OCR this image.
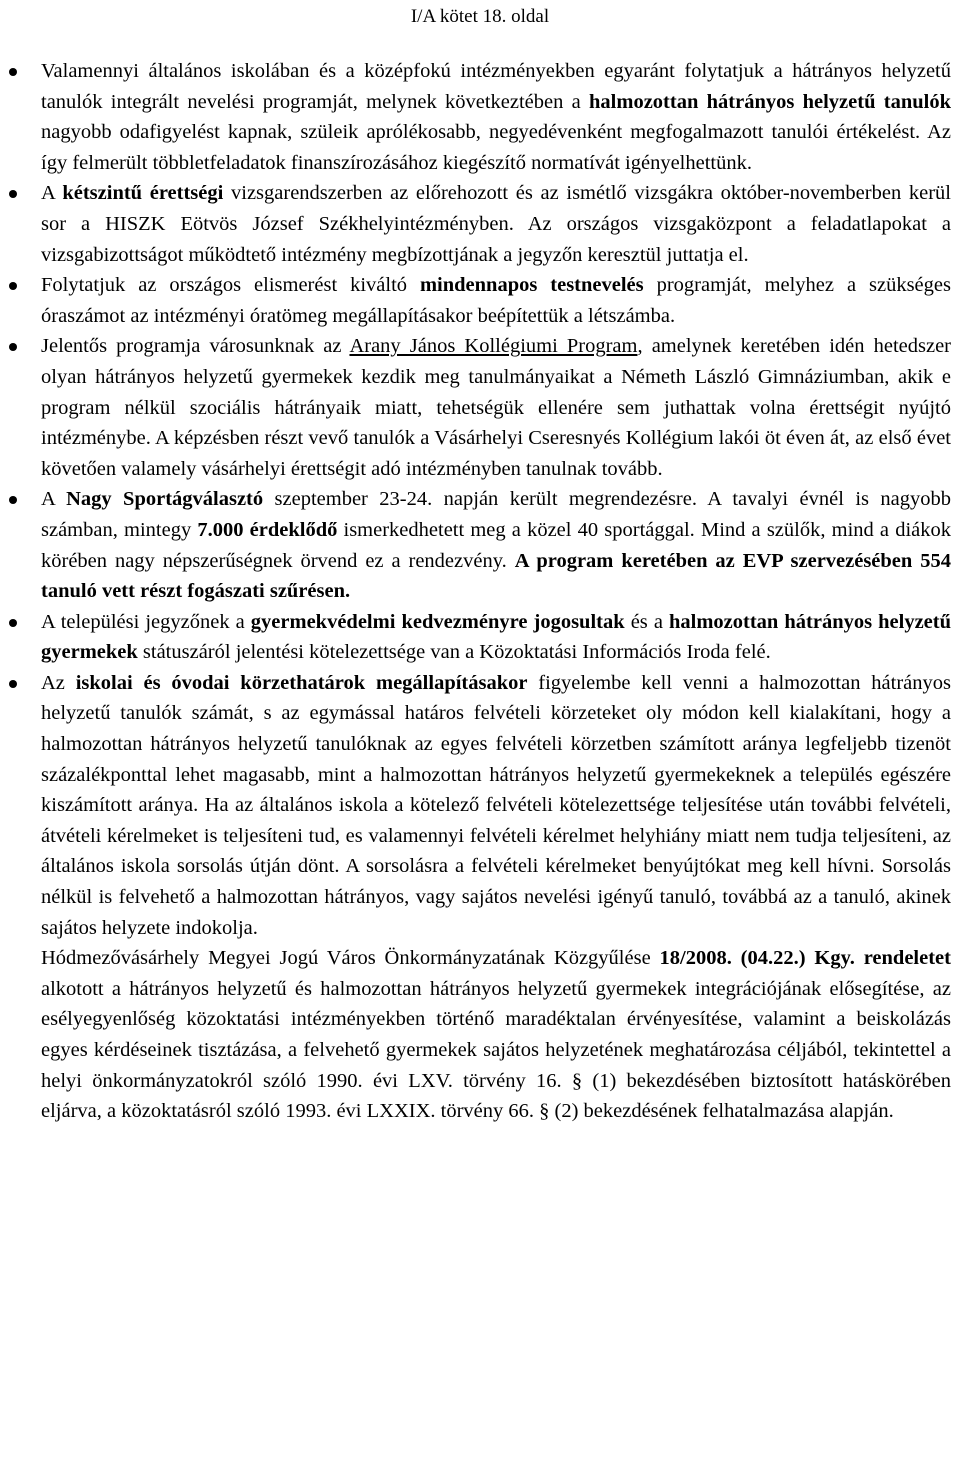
I/A kötet 18. oldal
Valamennyi általános iskolában és a középfokú intézményekben egyaránt folytatjuk a hátrányos helyzetű tanulók integrált nevelési programját, melynek következtében a halmozottan hátrányos helyzetű tanulók nagyobb odafigyelést kapnak, szüleik aprólékosabb, negyedévenként megfogalmazott tanulói értékelést. Az így felmerült többletfeladatok finanszírozásához kiegészítő normatívát igényelhettünk.
A kétszintű érettségi vizsgarendszerben az előrehozott és az ismétlő vizsgákra október-novemberben kerül sor a HISZK Eötvös József Székhelyintézményben. Az országos vizsgaközpont a feladatlapokat a vizsgabizottságot működtető intézmény megbízottjának a jegyzőn keresztül juttatja el.
Folytatjuk az országos elismerést kiváltó mindennapos testnevelés programját, melyhez a szükséges óraszámot az intézményi óratömeg megállapításakor beépítettük a létszámba.
Jelentős programja városunknak az Arany János Kollégiumi Program, amelynek keretében idén hetedszer olyan hátrányos helyzetű gyermekek kezdik meg tanulmányaikat a Németh László Gimnáziumban, akik e program nélkül szociális hátrányaik miatt, tehetségük ellenére sem juthattak volna érettségit nyújtó intézménybe. A képzésben részt vevő tanulók a Vásárhelyi Cseresnyés Kollégium lakói öt éven át, az első évet követően valamely vásárhelyi érettségit adó intézményben tanulnak tovább.
A Nagy Sportágválasztó szeptember 23-24. napján került megrendezésre. A tavalyi évnél is nagyobb számban, mintegy 7.000 érdeklődő ismerkedhetett meg a közel 40 sportággal. Mind a szülők, mind a diákok körében nagy népszerűségnek örvend ez a rendezvény. A program keretében az EVP szervezésében 554 tanuló vett részt fogászati szűrésen.
A települési jegyzőnek a gyermekvédelmi kedvezményre jogosultak és a halmozottan hátrányos helyzetű gyermekek státuszáról jelentési kötelezettsége van a Közoktatási Információs Iroda felé.
Az iskolai és óvodai körzethatárok megállapításakor figyelembe kell venni a halmozottan hátrányos helyzetű tanulók számát, s az egymással határos felvételi körzeteket oly módon kell kialakítani, hogy a halmozottan hátrányos helyzetű tanulóknak az egyes felvételi körzetben számított aránya legfeljebb tizenöt százalékponttal lehet magasabb, mint a halmozottan hátrányos helyzetű gyermekeknek a település egészére kiszámított aránya. Ha az általános iskola a kötelező felvételi kötelezettsége teljesítése után további felvételi, átvételi kérelmeket is teljesíteni tud, es valamennyi felvételi kérelmet helyhiány miatt nem tudja teljesíteni, az általános iskola sorsolás útján dönt. A sorsolásra a felvételi kérelmeket benyújtókat meg kell hívni. Sorsolás nélkül is felvehető a halmozottan hátrányos, vagy sajátos nevelési igényű tanuló, továbbá az a tanuló, akinek sajátos helyzete indokolja.
Hódmezővásárhely Megyei Jogú Város Önkormányzatának Közgyűlése 18/2008. (04.22.) Kgy. rendeletet alkotott a hátrányos helyzetű és halmozottan hátrányos helyzetű gyermekek integrációjának elősegítése, az esélyegyenlőség közoktatási intézményekben történő maradéktalan érvényesítése, valamint a beiskolázás egyes kérdéseinek tisztázása, a felvehető gyermekek sajátos helyzetének meghatározása céljából, tekintettel a helyi önkormányzatokról szóló 1990. évi LXV. törvény 16. § (1) bekezdésében biztosított hatáskörében eljárva, a közoktatásról szóló 1993. évi LXXIX. törvény 66. § (2) bekezdésének felhatalmazása alapján.
